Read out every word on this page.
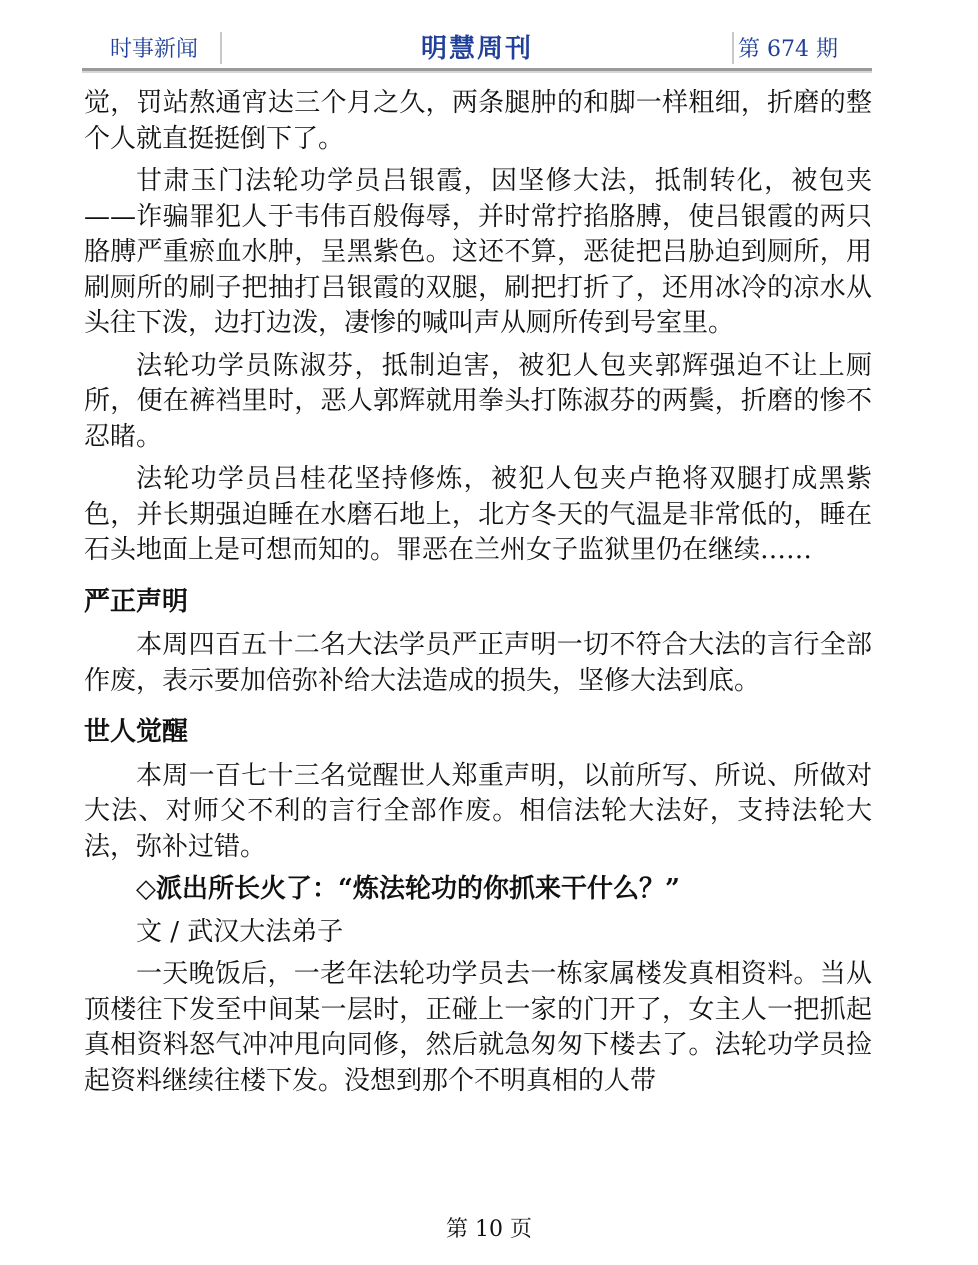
时事新闻	明慧周刊	第 674 期

觉，罚站熬通宵达三个月之久，两条腿肿的和脚一样粗细，折磨的整个人就直挺挺倒下了。

甘肃玉门法轮功学员吕银霞，因坚修大法，抵制转化，被包夹——诈骗罪犯人于韦伟百般侮辱，并时常拧掐胳膊，使吕银霞的两只胳膊严重瘀血水肿，呈黑紫色。这还不算，恶徒把吕胁迫到厕所，用刷厕所的刷子把抽打吕银霞的双腿，刷把打折了，还用冰冷的凉水从头往下泼，边打边泼，凄惨的喊叫声从厕所传到号室里。

法轮功学员陈淑芬，抵制迫害，被犯人包夹郭辉强迫不让上厕所，便在裤裆里时，恶人郭辉就用拳头打陈淑芬的两鬓，折磨的惨不忍睹。

法轮功学员吕桂花坚持修炼，被犯人包夹卢艳将双腿打成黑紫色，并长期强迫睡在水磨石地上，北方冬天的气温是非常低的，睡在石头地面上是可想而知的。罪恶在兰州女子监狱里仍在继续……

严正声明

本周四百五十二名大法学员严正声明一切不符合大法的言行全部作废，表示要加倍弥补给大法造成的损失，坚修大法到底。

世人觉醒

本周一百七十三名觉醒世人郑重声明，以前所写、所说、所做对大法、对师父不利的言行全部作废。相信法轮大法好，支持法轮大法，弥补过错。

◇派出所长火了：“炼法轮功的你抓来干什么？”

文 / 武汉大法弟子

一天晚饭后，一老年法轮功学员去一栋家属楼发真相资料。当从顶楼往下发至中间某一层时，正碰上一家的门开了，女主人一把抓起真相资料怒气冲冲甩向同修，然后就急匆匆下楼去了。法轮功学员捡起资料继续往楼下发。没想到那个不明真相的人带

第 10 页
